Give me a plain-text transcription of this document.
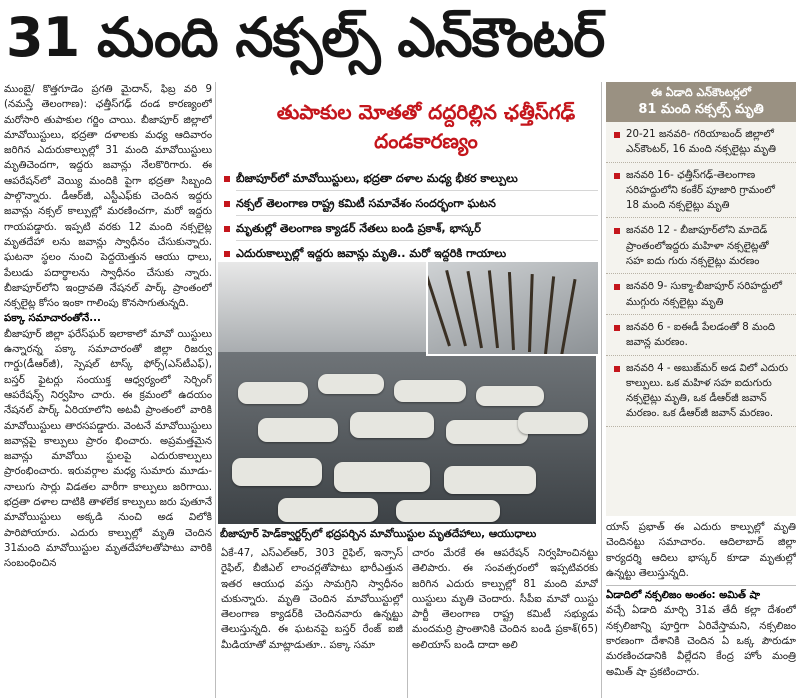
31 మంది నక్సల్స్ ఎన్‌కౌంటర్

ముంబై/ కొత్తగూడెం ప్రగతి మైదాన్, ఫిబ్ర వరి 9 (నమస్తే తెలంగాణ): ఛత్తీస్‌గఢ్ దండ కారణ్యంలో మరోసారి తుపాకుల గర్జిం చాయి. బీజాపూర్ జిల్లాలో మావోయిస్టులు, భద్రతా దళాలకు మధ్య ఆదివారం జరిగిన ఎదురుకాల్పుల్లో 31 మంది మావోయిస్టులు మృతిచెందగా, ఇద్దరు జవాన్లు నేలకొరిగారు. ఈ ఆపరేషన్‌లో వెయ్యి మందికి పైగా భద్రతా సిబ్బంది పాల్గొన్నారు. డీఆర్‌జీ, ఎస్టీఎఫ్‌కు చెందిన ఇద్దరు జవాన్లు నక్సల్ కాల్పుల్లో మరణించగా, మరో ఇద్దరు గాయపడ్డారు. ఇప్పటి వరకు 12 మంది నక్సలైట్ల మృతదేహా లను జవాన్లు స్వాధీనం చేసుకున్నారు. ఘటనా స్థలం నుంచి పెద్దయెత్తున ఆయు ధాలు, పేలుడు పదార్థాలను స్వాధీనం చేసుకు న్నారు. బీజాపూర్‌లోని ఇంద్రావతి నేషనల్ పార్క్ ప్రాంతంలో నక్సలైట్ల కోసం ఇంకా గాలింపు కొనసాగుతున్నది.

పక్కా సమాచారంతోనే...

బీజాపూర్ జిల్లా ఫరేస్‌ఘర్ ఇలాకాలో మావో యిస్టులు ఉన్నారన్న పక్కా సమాచారంతో జిల్లా రిజర్వు గార్డు(డీఆర్‌జీ), స్పెషల్ టాస్క్ ఫోర్స్(ఎస్‌టీఎఫ్), బస్తర్ ఫైటర్లు సంయుక్త ఆధ్వర్యంలో సెర్చింగ్ ఆపరేషన్స్ నిర్వహిం చారు. ఈ క్రమంలో ఉదయం నేషనల్ పార్క్ ఏరియాలోని అటవీ ప్రాంతంలో వారికి మావోయిస్టులు తారసపడ్డారు. వెంటనే మావోయిస్టులు జవాన్లపై కాల్పులు ప్రారం భించారు. అప్రమత్తమైన జవాన్లు మావోయి స్టులపై ఎదురుకాల్పులు ప్రారంభించారు. ఇరువర్గాల మధ్య సుమారు మూడు-నాలుగు సార్లు విడతల వారీగా కాల్పులు జరిగాయి. భద్రతా దళాల దాటికి తాళలేక కాల్పులు జరు పుతూనే మావోయిస్టులు అక్కడి నుంచి అడ విలోకి పారిపోయారు. ఎదురు కాల్పుల్లో మృతి చెందిన 31మంది మావోయిస్టుల మృతదేహాలతోపాటు వారికి సంబంధించిన

తుపాకుల మోతతో దద్దరిల్లిన ఛత్తీస్‌గఢ్ దండకారణ్యం
బీజాపూర్‌లో మావోయిస్టులు, భద్రతా దళాల మధ్య భీకర కాల్పులు
నక్సల్ తెలంగాణ రాష్ట్ర కమిటీ సమావేశం సందర్భంగా ఘటన
మృతుల్లో తెలంగాణ క్యాడర్ నేతలు బండి ప్రకాశ్, భాస్కర్
ఎదురుకాల్పుల్లో ఇద్దరు జవాన్లు మృతి.. మరో ఇద్దరికి గాయాలు
బీజాపూర్ హెడ్‌క్వార్టర్స్‌లో భద్రపర్చిన మావోయిస్టుల మృతదేహాలు, ఆయుధాలు
ఏకే-47, ఎస్‌ఎల్‌ఆర్, 303 రైఫిల్, ఇన్సాస్ రైఫిల్, బీజీఎల్ లాంచర్లతోపాటు భారీఎత్తున ఇతర ఆయుధ వస్తు సామగ్రిని స్వాధీనం చుకున్నారు. మృతి చెందిన మావోయిస్టుల్లో తెలంగాణ క్యాడర్‌కి చెందినవారు ఉన్నట్టు తెలుస్తున్నది. ఈ ఘటనపై బస్తర్ రేంజ్ ఐజీ మీడియాతో మాట్లాడుతూ.. పక్కా సమా
చారం మేరకే ఈ ఆపరేషన్ నిర్వహించినట్టు తెలిపారు. ఈ సంవత్సరంలో ఇప్పటివరకు జరిగిన ఎదురు కాల్పుల్లో 81 మంది మావో యిస్టులు మృతి చెందారు. సీపీఐ మావో యిస్టు పార్టీ తెలంగాణ రాష్ట్ర కమిటీ సభ్యుడు మందమర్రి ప్రాంతానికి చెందిన బండి ప్రకాశ్(65) అలియాస్ బండి దాదా అలి
ఈ ఏడాది ఎన్‌కౌంటర్లలో
81 మంది నక్సల్స్ మృతి
20-21 జనవరి- గరియాబంద్ జిల్లాలో ఎన్‌కౌంటర్, 16 మంది నక్సలైట్లు మృతి
జనవరి 16- ఛత్తీస్‌గఢ్-తెలంగాణ సరిహద్దులోని కంకేర్ పూజారి గ్రామంలో 18 మంది నక్సలైట్లు మృతి
జనవరి 12 - బీజాపూర్‌లోని మాదెడ్ ప్రాంతంలోఇద్దరు మహిళా నక్సలైట్లతో సహ ఐదు గురు నక్సలైట్లు మరణం
జనవరి 9- సుక్మా-బీజాపూర్ సరిహద్దులో ముగ్గురు నక్సలైట్లు మృతి
జనవరి 6 - ఐఈడీ పేలడంతో 8 మంది జవాన్ల మరణం.
జనవరి 4 - అబుజ్‌మర్‌ అడ విలో ఎదురు కాల్పులు. ఒక మహిళ సహ ఐదుగురు నక్సలైట్లు మృతి, ఒక డీఆర్‌జీ జవాన్ మరణం. ఒక డీఆర్‌జీ జవాన్ మరణం.

యాస్ ప్రభాత్ ఈ ఎదురు కాల్పుల్లో మృతి చెందినట్టు సమాచారం. ఆదిలాబాద్ జిల్లా కార్యదర్శి ఆదిలు భాస్కర్ కూడా మృతుల్లో ఉన్నట్టు తెలుస్తున్నది.

ఏడాదిలో నక్సలిజం అంతం: అమిత్ షా

వచ్చే ఏడాది మార్చి 31వ తేదీ కల్లా దేశంలో నక్సలిజాన్ని పూర్తిగా ఏరివేస్తామని, నక్సలిజం కారణంగా దేశానికి చెందిన ఏ ఒక్క పౌరుడూ మరణించడానికి వీల్లేదని కేంద్ర హోం మంత్రి అమిత్ షా ప్రకటించారు.
